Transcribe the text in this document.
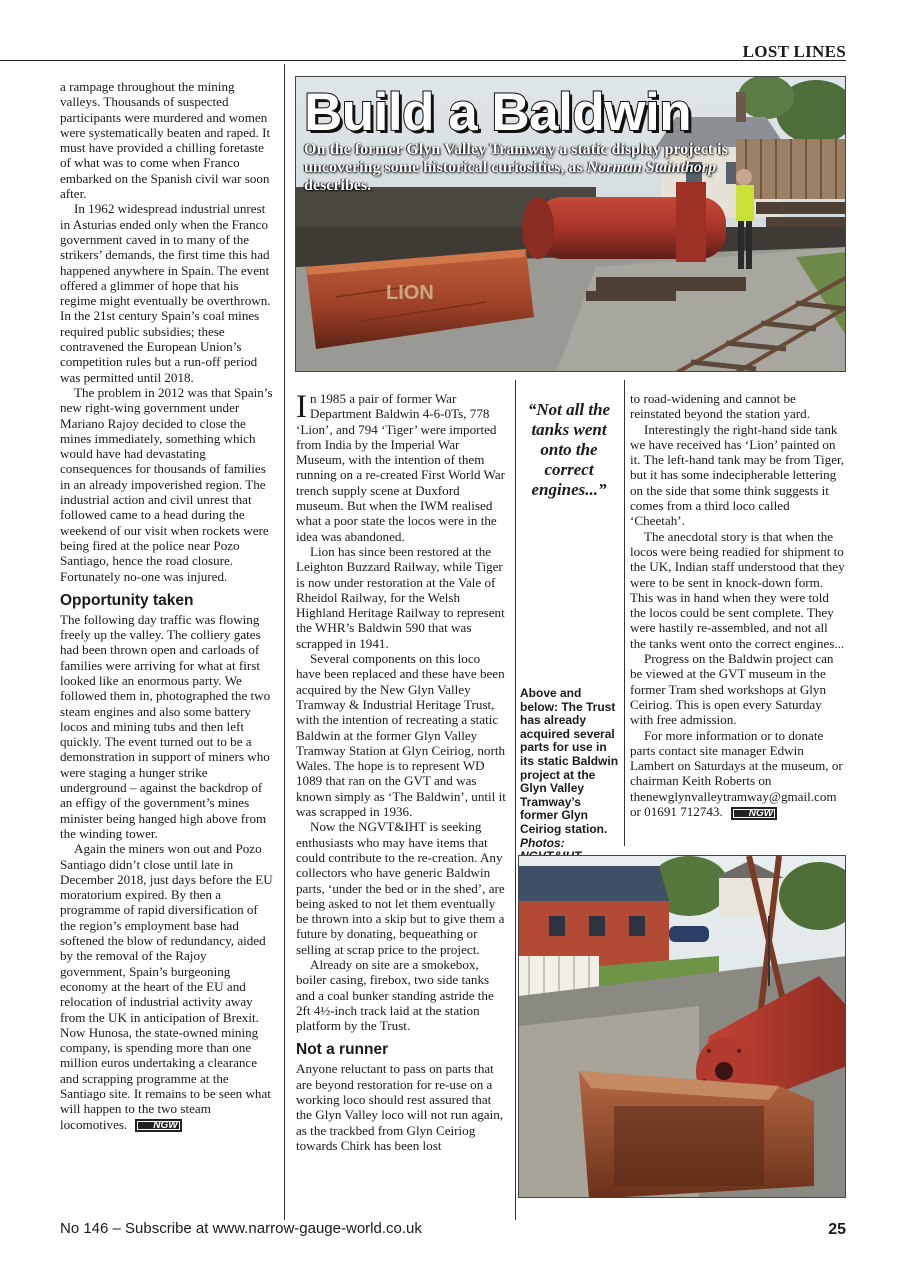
LOST LINES

a rampage throughout the mining valleys. Thousands of suspected participants were murdered and women were systematically beaten and raped. It must have provided a chilling foretaste of what was to come when Franco embarked on the Spanish civil war soon after.

In 1962 widespread industrial unrest in Asturias ended only when the Franco government caved in to many of the strikers’ demands, the first time this had happened anywhere in Spain. The event offered a glimmer of hope that his regime might eventually be overthrown. In the 21st century Spain’s coal mines required public subsidies; these contravened the European Union’s competition rules but a run-off period was permitted until 2018.

The problem in 2012 was that Spain’s new right-wing government under Mariano Rajoy decided to close the mines immediately, something which would have had devastating consequences for thousands of families in an already impoverished region. The industrial action and civil unrest that followed came to a head during the weekend of our visit when rockets were being fired at the police near Pozo Santiago, hence the road closure. Fortunately no-one was injured.

Opportunity taken

The following day traffic was flowing freely up the valley. The colliery gates had been thrown open and carloads of families were arriving for what at first looked like an enormous party. We followed them in, photographed the two steam engines and also some battery locos and mining tubs and then left quickly. The event turned out to be a demonstration in support of miners who were staging a hunger strike underground – against the backdrop of an effigy of the government’s mines minister being hanged high above from the winding tower.

Again the miners won out and Pozo Santiago didn’t close until late in December 2018, just days before the EU moratorium expired. By then a programme of rapid diversification of the region’s employment base had softened the blow of redundancy, aided by the removal of the Rajoy government, Spain’s burgeoning economy at the heart of the EU and relocation of industrial activity away from the UK in anticipation of Brexit. Now Hunosa, the state-owned mining company, is spending more than one million euros undertaking a clearance and scrapping programme at the Santiago site. It remains to be seen what will happen to the two steam locomotives.	NGW

LION
Build a Baldwin
On the former Glyn Valley Tramway a static display project is uncovering some historical curiosities, as Norman Stainthorp describes.

In 1985 a pair of former War Department Baldwin 4-6-0Ts, 778 ‘Lion’, and 794 ‘Tiger’ were imported from India by the Imperial War Museum, with the intention of them running on a re-created First World War trench supply scene at Duxford museum. But when the IWM realised what a poor state the locos were in the idea was abandoned.

Lion has since been restored at the Leighton Buzzard Railway, while Tiger is now under restoration at the Vale of Rheidol Railway, for the Welsh Highland Heritage Railway to represent the WHR’s Baldwin 590 that was scrapped in 1941.

Several components on this loco have been replaced and these have been acquired by the New Glyn Valley Tramway & Industrial Heritage Trust, with the intention of recreating a static Baldwin at the former Glyn Valley Tramway Station at Glyn Ceiriog, north Wales. The hope is to represent WD 1089 that ran on the GVT and was known simply as ‘The Baldwin’, until it was scrapped in 1936.

Now the NGVT&IHT is seeking enthusiasts who may have items that could contribute to the re-creation. Any collectors who have generic Baldwin parts, ‘under the bed or in the shed’, are being asked to not let them eventually be thrown into a skip but to give them a future by donating, bequeathing or selling at scrap price to the project.

Already on site are a smokebox, boiler casing, firebox, two side tanks and a coal bunker standing astride the 2ft 4½-inch track laid at the station platform by the Trust.

Not a runner

Anyone reluctant to pass on parts that are beyond restoration for re-use on a working loco should rest assured that the Glyn Valley loco will not run again, as the trackbed from Glyn Ceiriog towards Chirk has been lost

“Not all the tanks went onto the correct engines...”
Above and below: The Trust has already acquired several parts for use in its static Baldwin project at the Glyn Valley Tramway’s former Glyn Ceiriog station. Photos:

to road-widening and cannot be reinstated beyond the station yard.

Interestingly the right-hand side tank we have received has ‘Lion’ painted on it. The left-hand tank may be from Tiger, but it has some indecipherable lettering on the side that some think suggests it comes from a third loco called ‘Cheetah’.

The anecdotal story is that when the locos were being readied for shipment to the UK, Indian staff understood that they were to be sent in knock-down form. This was in hand when they were told the locos could be sent complete. They were hastily re-assembled, and not all the tanks went onto the correct engines...

Progress on the Baldwin project can be viewed at the GVT museum in the former Tram shed workshops at Glyn Ceiriog. This is open every Saturday with free admission.

For more information or to donate parts contact site manager Edwin Lambert on Saturdays at the museum, or chairman Keith Roberts on thenewglynvalleytramway@gmail.com or 01691 712743.	NGW

No 146 – Subscribe at www.narrow-gauge-world.co.uk	25
